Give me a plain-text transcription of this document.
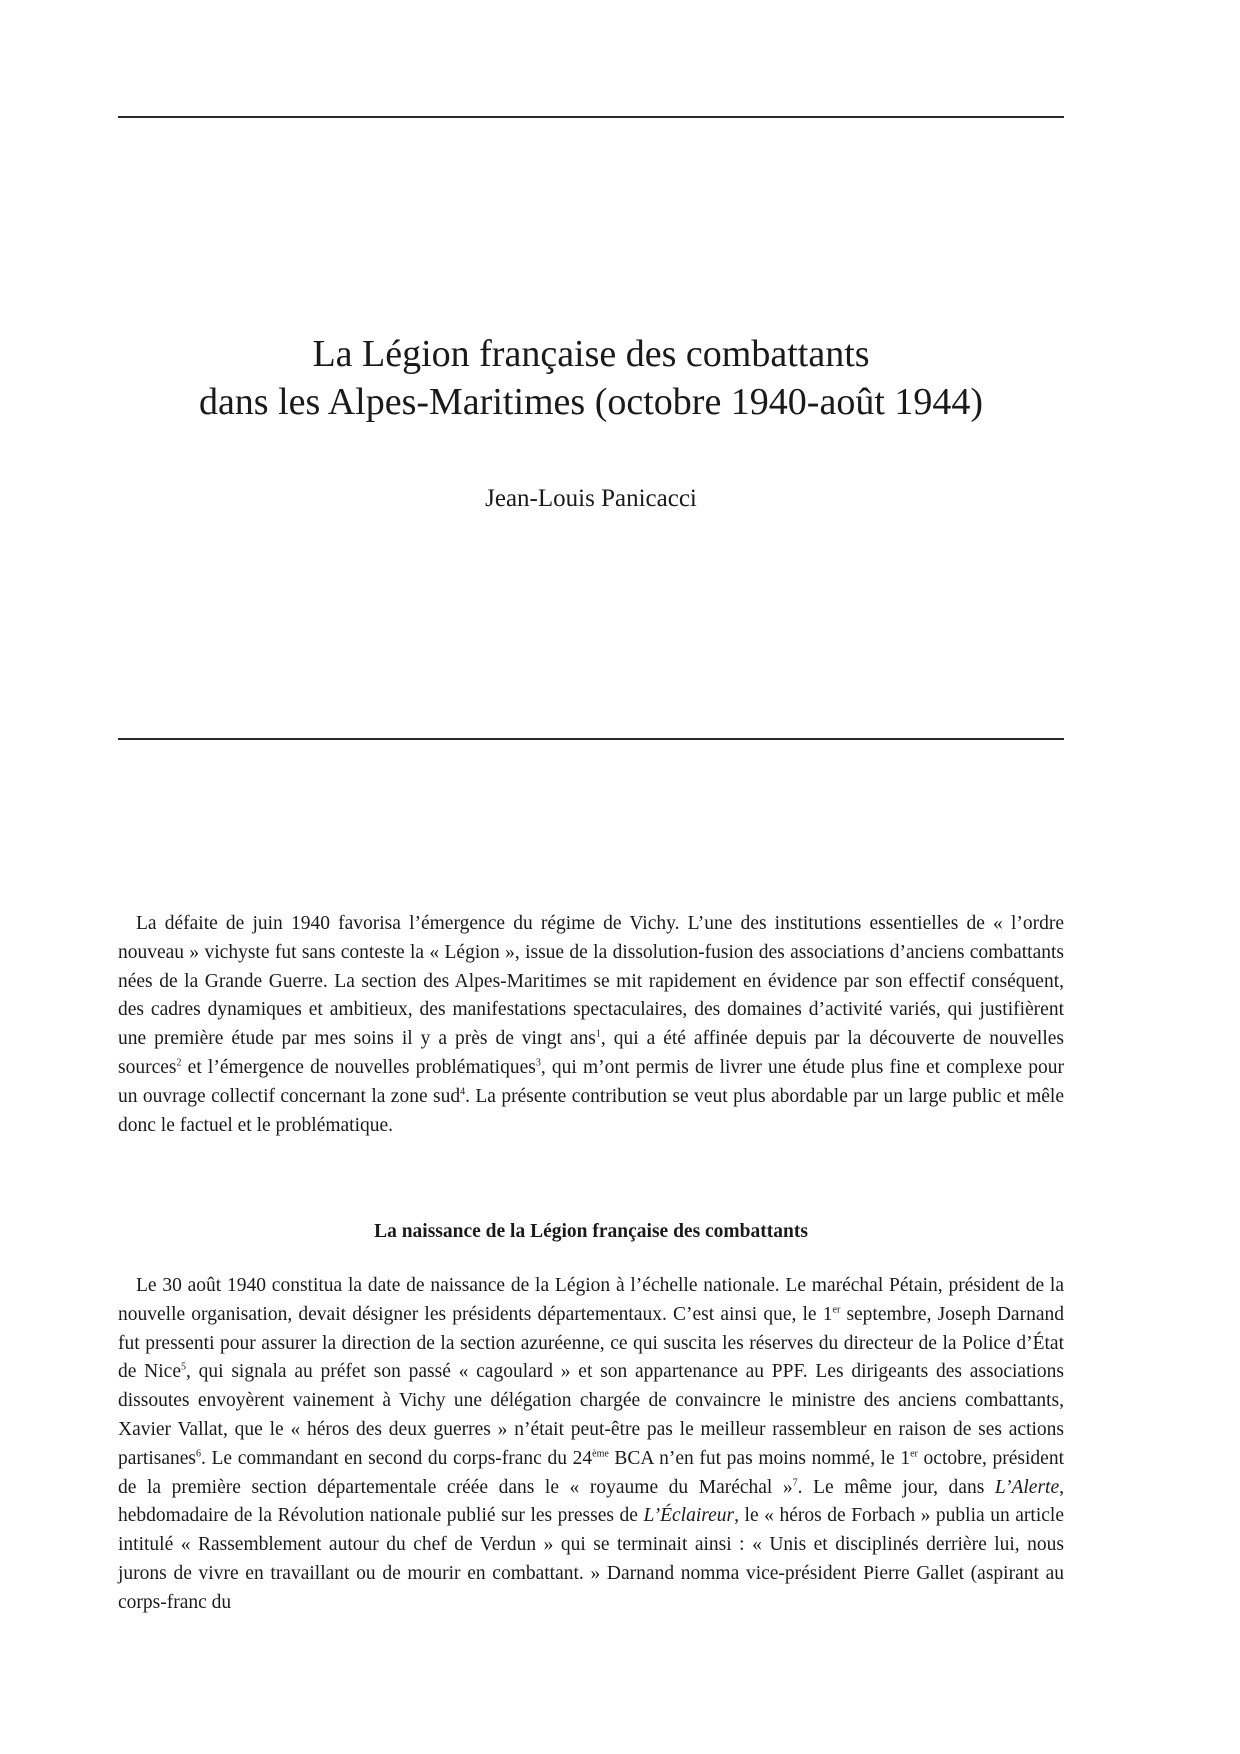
La Légion française des combattants
dans les Alpes-Maritimes (octobre 1940-août 1944)

Jean-Louis Panicacci

La défaite de juin 1940 favorisa l’émergence du régime de Vichy. L’une des institutions essentielles de « l’ordre nouveau » vichyste fut sans conteste la « Légion », issue de la dissolution-fusion des associations d’anciens combattants nées de la Grande Guerre. La section des Alpes-Maritimes se mit rapidement en évidence par son effectif conséquent, des cadres dynamiques et ambitieux, des manifestations spectaculaires, des domaines d’activité variés, qui justifièrent une première étude par mes soins il y a près de vingt ans$^1$, qui a été affinée depuis par la découverte de nouvelles sources$^2$ et l’émergence de nouvelles problématiques$^3$, qui m’ont permis de livrer une étude plus fine et complexe pour un ouvrage collectif concernant la zone sud$^4$. La présente contribution se veut plus abordable par un large public et mêle donc le factuel et le problématique.

La naissance de la Légion française des combattants

Le 30 août 1940 constitua la date de naissance de la Légion à l’échelle nationale. Le maréchal Pétain, président de la nouvelle organisation, devait désigner les présidents départementaux. C’est ainsi que, le 1er septembre, Joseph Darnand fut pressenti pour assurer la direction de la section azuréenne, ce qui suscita les réserves du directeur de la Police d’État de Nice$^5$, qui signala au préfet son passé « cagoulard » et son appartenance au PPF. Les dirigeants des associations dissoutes envoyèrent vainement à Vichy une délégation chargée de convaincre le ministre des anciens combattants, Xavier Vallat, que le « héros des deux guerres » n’était peut-être pas le meilleur rassembleur en raison de ses actions partisanes$^6$. Le commandant en second du corps-franc du 24ème BCA n’en fut pas moins nommé, le 1er octobre, président de la première section départementale créée dans le « royaume du Maréchal »$^7$. Le même jour, dans L’Alerte, hebdomadaire de la Révolution nationale publié sur les presses de L’Éclaireur, le « héros de Forbach » publia un article intitulé « Rassemblement autour du chef de Verdun » qui se terminait ainsi : « Unis et disciplinés derrière lui, nous jurons de vivre en travaillant ou de mourir en combattant. » Darnand nomma vice-président Pierre Gallet (aspirant au corps-franc du
